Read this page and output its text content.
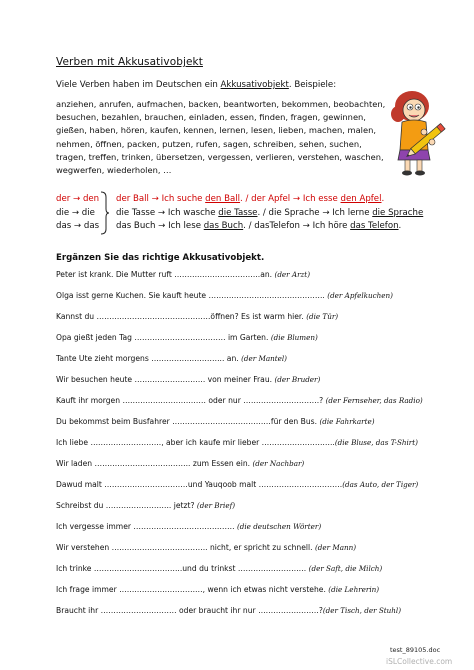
Verben mit Akkusativobjekt
Viele Verben haben im Deutschen ein Akkusativobjekt. Beispiele:
anziehen, anrufen, aufmachen, backen, beantworten, bekommen, beobachten,
besuchen, bezahlen, brauchen, einladen, essen, finden, fragen, gewinnen,
gießen, haben, hören, kaufen, kennen, lernen, lesen, lieben, machen, malen,
nehmen, öffnen, packen, putzen, rufen, sagen, schreiben, sehen, suchen,
tragen, treffen, trinken, übersetzen, vergessen, verlieren, verstehen, waschen,
wegwerfen, wiederholen, …
der → den der Ball → Ich suche den Ball. / der Apfel → Ich esse den Apfel.
die → die die Tasse → Ich wasche die Tasse. / die Sprache → Ich lerne die Sprache
das → das das Buch → Ich lese das Buch. / dasTelefon → Ich höre das Telefon.
Ergänzen Sie das richtige Akkusativobjekt.
Peter ist krank. Die Mutter ruft …………………………….an. (der Arzt)
Olga isst gerne Kuchen. Sie kauft heute ………………………………………. (der Apfelkuchen)
Kannst du ………………………………………öffnen? Es ist warm hier. (die Tür)
Opa gießt jeden Tag ……………………………… im Garten. (die Blumen)
Tante Ute zieht morgens ……………………….. an. (der Mantel)
Wir besuchen heute ………………………. von meiner Frau. (der Bruder)
Kauft ihr morgen …………………………… oder nur …………………………? (der Fernseher, das Radio)
Du bekommst beim Busfahrer …………………………………für den Bus. (die Fahrkarte)
Ich liebe ………………………., aber ich kaufe mir lieber ………………………..(die Bluse, das T-Shirt)
Wir laden ……………………………….. zum Essen ein. (der Nachbar)
Dawud malt ……………………………und Yauqoob malt ……………………………(das Auto, der Tiger)
Schreibst du …………………….. jetzt? (der Brief)
Ich vergesse immer …………………………………. (die deutschen Wörter)
Wir verstehen ……………………………….. nicht, er spricht zu schnell. (der Mann)
Ich trinke ……………………………..und du trinkst ……………………… (der Saft, die Milch)
Ich frage immer ……………………………, wenn ich etwas nicht verstehe. (die Lehrerin)
Braucht ihr ………………………… oder braucht ihr nur ……………………?(der Tisch, der Stuhl)
test_89105.doc
iSLCollective.com
